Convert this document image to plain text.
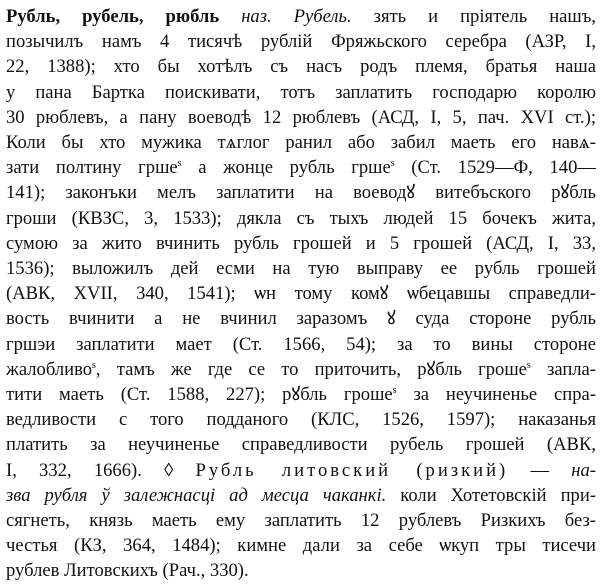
Рубль, рубель, рюбль наз. Рубель. зять и пріятель нашъ,
позычилъ намъ 4 тисячѣ рублій Фряжьского серебра (АЗР, І,
22, 1388); хто бы хотѣлъ съ насъ родъ племя, братья наша
у пана Бартка поискивати, тотъ заплатить господарю королю
30 рюблевъ, а пану воеводѣ 12 рюблевъ (АСД, І, 5, пач. XVI ст.);
Коли бы хто мужика тѧглог ранил або забил маеть его навѧ-
зати полтину грше$^s$ а жонце рубль грше$^s$ (Ст. 1529—Ф, 140—
141); законъки мелъ заплатити на воеводꙋ витебъского рꙋбль
гроши (КВЗС, 3, 1533); дякла съ тыхъ людей 15 бочекъ жита,
сумою за жито вчинить рубль грошей и 5 грошей (АСД, І, 33,
1536); выложилъ дей есми на тую выправу ее рубль грошей
(АВК, XVII, 340, 1541); ѡн тому комꙋ ѡбецавшы справедли-
вость вчинити а не вчинил заразомъ ꙋ суда стороне рубль
гршэи заплатити мает (Ст. 1566, 54); за то вины стороне
жалобливо$^s$, тамъ же где се то приточить, рꙋбль гроше$^s$ запла-
тити маеть (Ст. 1588, 227); рꙋбль гроше$^s$ за неучиненье спра-
ведливости с того подданого (КЛС, 1526, 1597); наказанья
платить за неучиненье справедливости рубель грошей (АВК,
І, 332, 1666). ◊ Рубль литовский (ризкий) — на-
зва рубля ў залежнасці ад месца чаканкі. коли Хотетовскій при-
сягнеть, князь маеть ему заплатить 12 рублевъ Ризкихъ без-
честья (КЗ, 364, 1484); кимне дали за себе ѡкуп тры тисечи
рублев Литовскихъ (Рач., 330).
